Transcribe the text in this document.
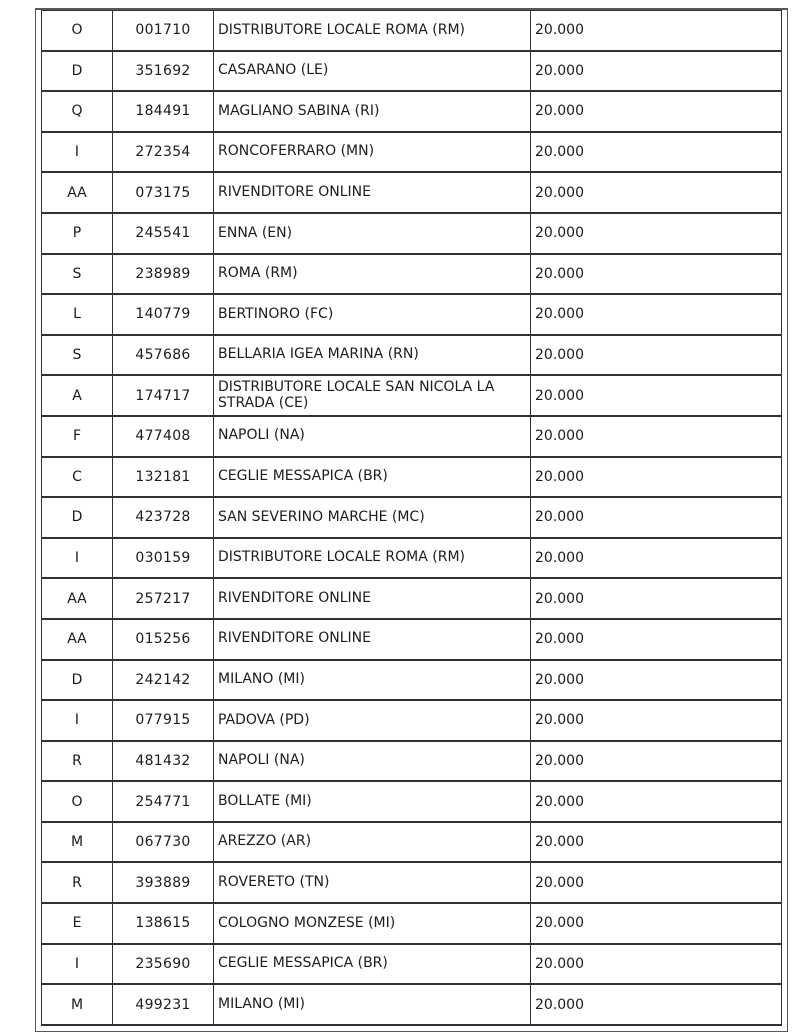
O	001710	DISTRIBUTORE LOCALE ROMA (RM)	20.000
D	351692	CASARANO (LE)	20.000
Q	184491	MAGLIANO SABINA (RI)	20.000
I	272354	RONCOFERRARO (MN)	20.000
AA	073175	RIVENDITORE ONLINE	20.000
P	245541	ENNA (EN)	20.000
S	238989	ROMA (RM)	20.000
L	140779	BERTINORO (FC)	20.000
S	457686	BELLARIA IGEA MARINA (RN)	20.000
A	174717	DISTRIBUTORE LOCALE SAN NICOLA LA STRADA (CE)	20.000
F	477408	NAPOLI (NA)	20.000
C	132181	CEGLIE MESSAPICA (BR)	20.000
D	423728	SAN SEVERINO MARCHE (MC)	20.000
I	030159	DISTRIBUTORE LOCALE ROMA (RM)	20.000
AA	257217	RIVENDITORE ONLINE	20.000
AA	015256	RIVENDITORE ONLINE	20.000
D	242142	MILANO (MI)	20.000
I	077915	PADOVA (PD)	20.000
R	481432	NAPOLI (NA)	20.000
O	254771	BOLLATE (MI)	20.000
M	067730	AREZZO (AR)	20.000
R	393889	ROVERETO (TN)	20.000
E	138615	COLOGNO MONZESE (MI)	20.000
I	235690	CEGLIE MESSAPICA (BR)	20.000
M	499231	MILANO (MI)	20.000
